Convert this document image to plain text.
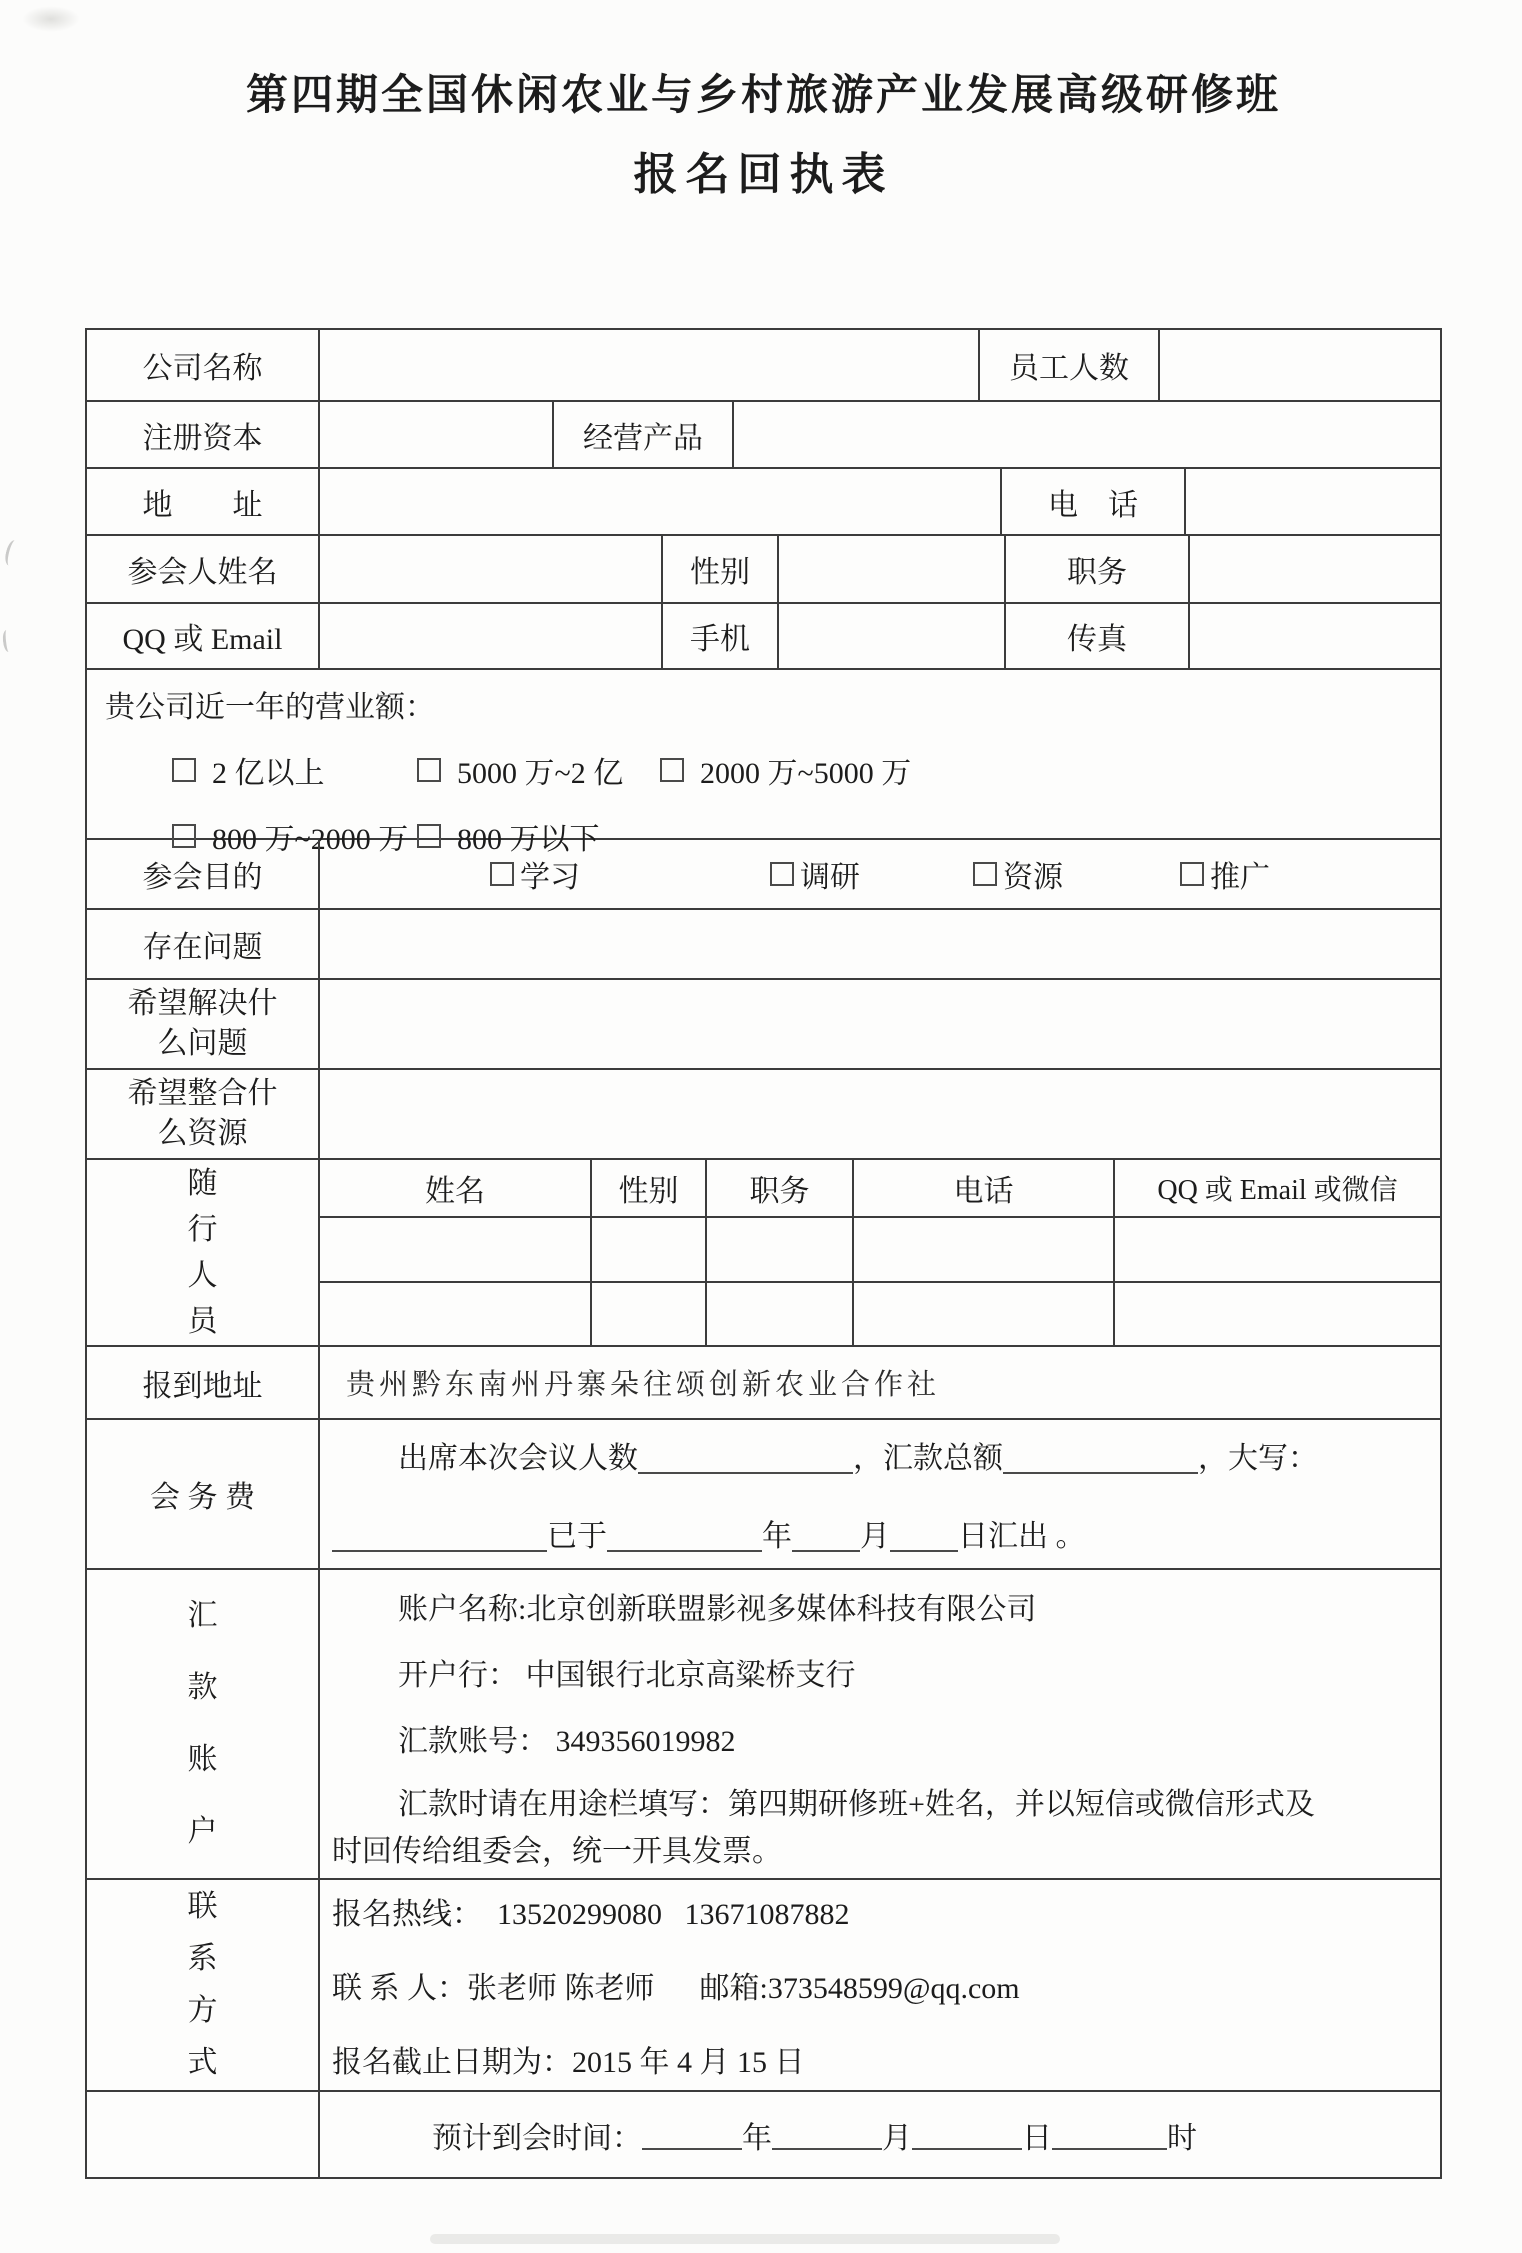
第四期全国休闲农业与乡村旅游产业发展高级研修班
报名回执表
公司名称	员工人数
注册资本	经营产品
地　　址	电　话
参会人姓名	性别	职务
QQ 或 Email	手机	传真
贵公司近一年的营业额：
2 亿以上	5000 万~2 亿	2000 万~5000 万
800 万~2000 万 800 万以下
参会目的	学习	调研	资源	推广
存在问题
希望解决什
么问题
希望整合什
么资源
随
行
人
员
姓名	性别	职务	电话	QQ 或 Email 或微信
报到地址	贵州黔东南州丹寨朵往颂创新农业合作社
会 务 费
出席本次会议人数	，汇款总额	，大写：
已于	年 月 日汇出 。
汇
款
账
户
账户名称:北京创新联盟影视多媒体科技有限公司
开户行： 中国银行北京高粱桥支行
汇款账号： 349356019982
汇款时请在用途栏填写：第四期研修班+姓名，并以短信或微信形式及
时回传给组委会，统一开具发票。
联
系
方
式
报名热线：  13520299080   13671087882
联 系 人：张老师 陈老师      邮箱:373548599@qq.com
报名截止日期为：2015 年 4 月 15 日
预计到会时间：	年	月	日	时
